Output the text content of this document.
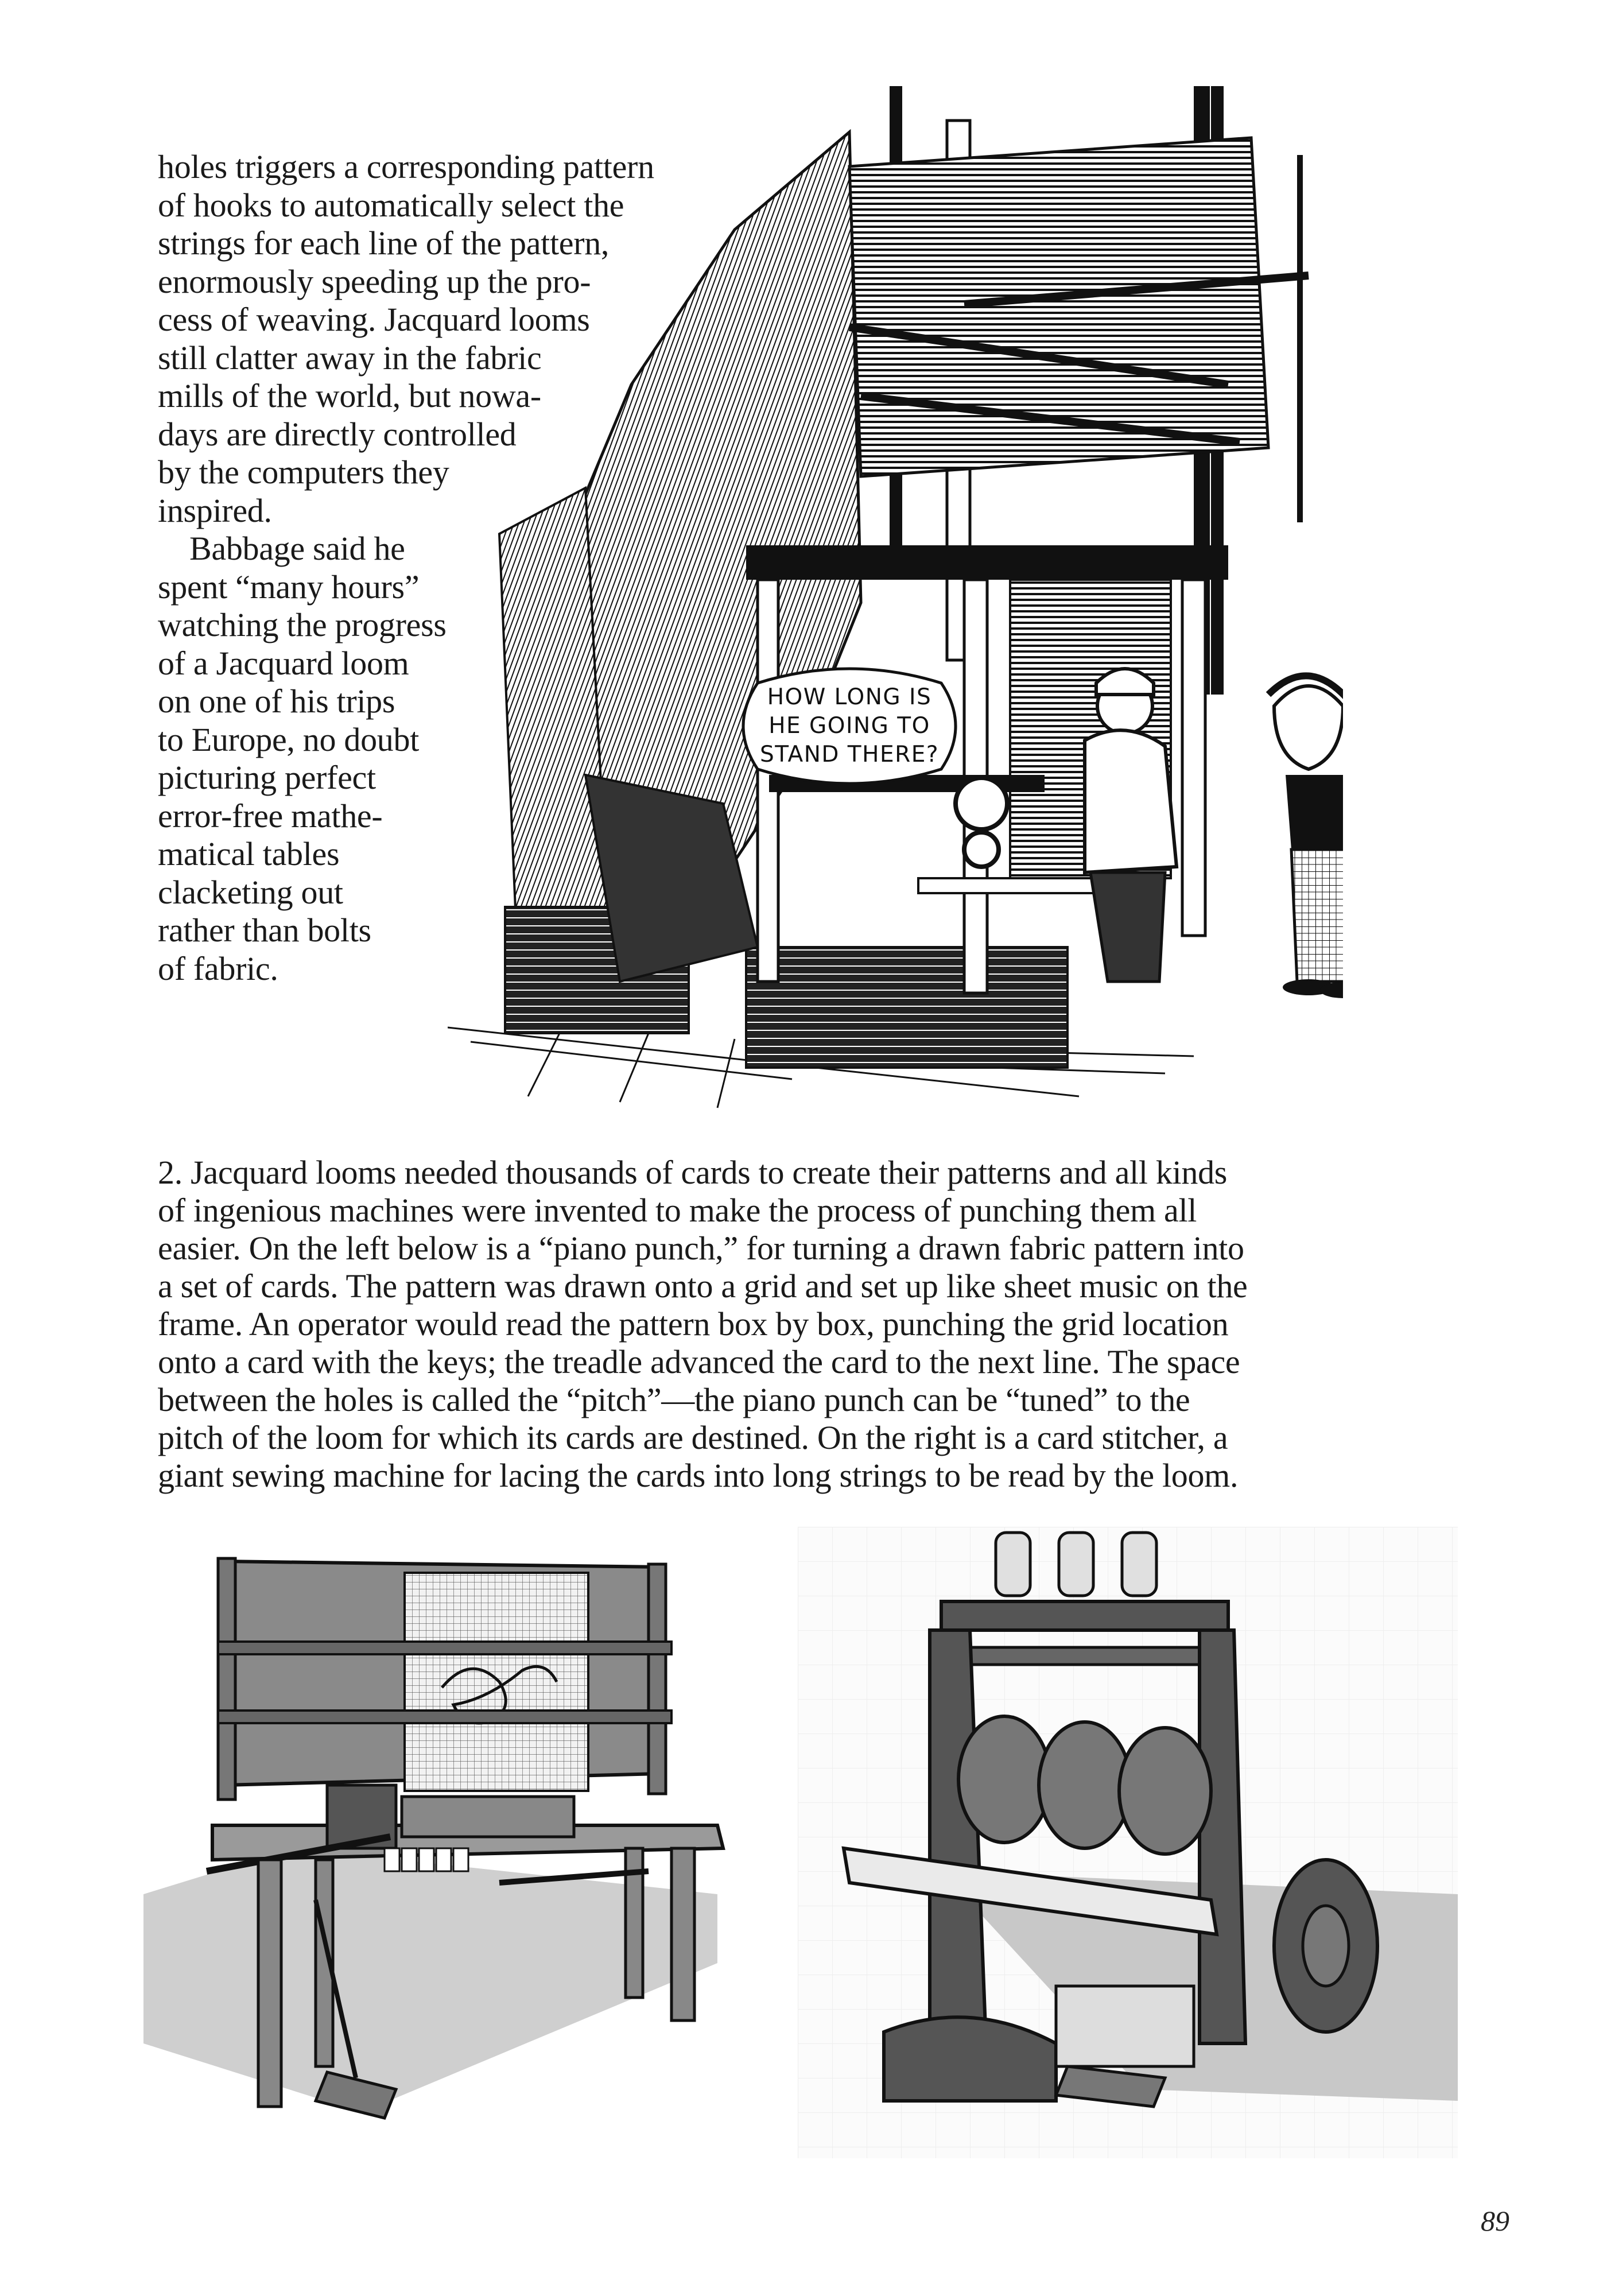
HOW LONG IS
HE GOING TO
STAND THERE?
holes triggers a corresponding pattern
of hooks to automatically select the
strings for each line of the pattern,
enormously speeding up the pro-
cess of weaving. Jacquard looms
still clatter away in the fabric
mills of the world, but nowa-
days are directly controlled
by the computers they
inspired.
Babbage said he
spent “many hours”
watching the progress
of a Jacquard loom
on one of his trips
to Europe, no doubt
picturing perfect
error-free mathe-
matical tables
clacketing out
rather than bolts
of fabric.
2. Jacquard looms needed thousands of cards to create their patterns and all kinds
of ingenious machines were invented to make the process of punching them all
easier. On the left below is a “piano punch,” for turning a drawn fabric pattern into
a set of cards. The pattern was drawn onto a grid and set up like sheet music on the
frame. An operator would read the pattern box by box, punching the grid location
onto a card with the keys; the treadle advanced the card to the next line. The space
between the holes is called the “pitch”—the piano punch can be “tuned” to the
pitch of the loom for which its cards are destined. On the right is a card stitcher, a
giant sewing machine for lacing the cards into long strings to be read by the loom.
89
